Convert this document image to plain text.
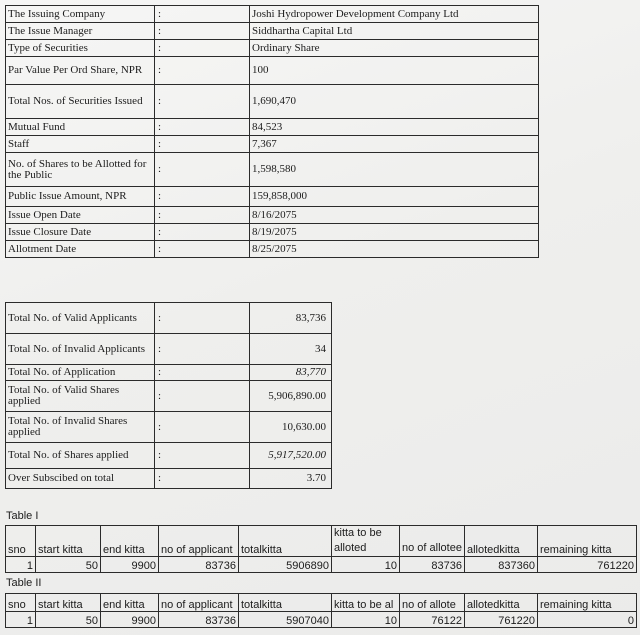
The Issuing Company	:	Joshi Hydropower Development Company Ltd
The Issue Manager	:	Siddhartha Capital Ltd
Type of Securities	:	Ordinary Share
Par Value Per Ord Share, NPR	:	100
Total Nos. of Securities Issued	:	1,690,470
Mutual Fund	:	84,523
Staff	:	7,367
No. of Shares to be Allotted for the Public	:	1,598,580
Public Issue Amount, NPR	:	159,858,000
Issue Open Date	:	8/16/2075
Issue Closure Date	:	8/19/2075
Allotment Date	:	8/25/2075
Total No. of Valid Applicants	:	83,736
Total No. of Invalid Applicants	:	34
Total No. of Application	:	83,770
Total No. of Valid Shares applied	:	5,906,890.00
Total No. of Invalid Shares applied	:	10,630.00
Total No. of Shares applied	:	5,917,520.00
Over Subscibed on total	:	3.70
Table I
sno	start kitta	end kitta	no of applicant	totalkitta	kitta to be alloted	no of allotee	allotedkitta	remaining kitta
1	50	9900	83736	5906890	10	83736	837360	761220
Table II
sno	start kitta	end kitta	no of applicant	totalkitta	kitta to be al	no of allote	allotedkitta	remaining kitta
1	50	9900	83736	5907040	10	76122	761220	0
